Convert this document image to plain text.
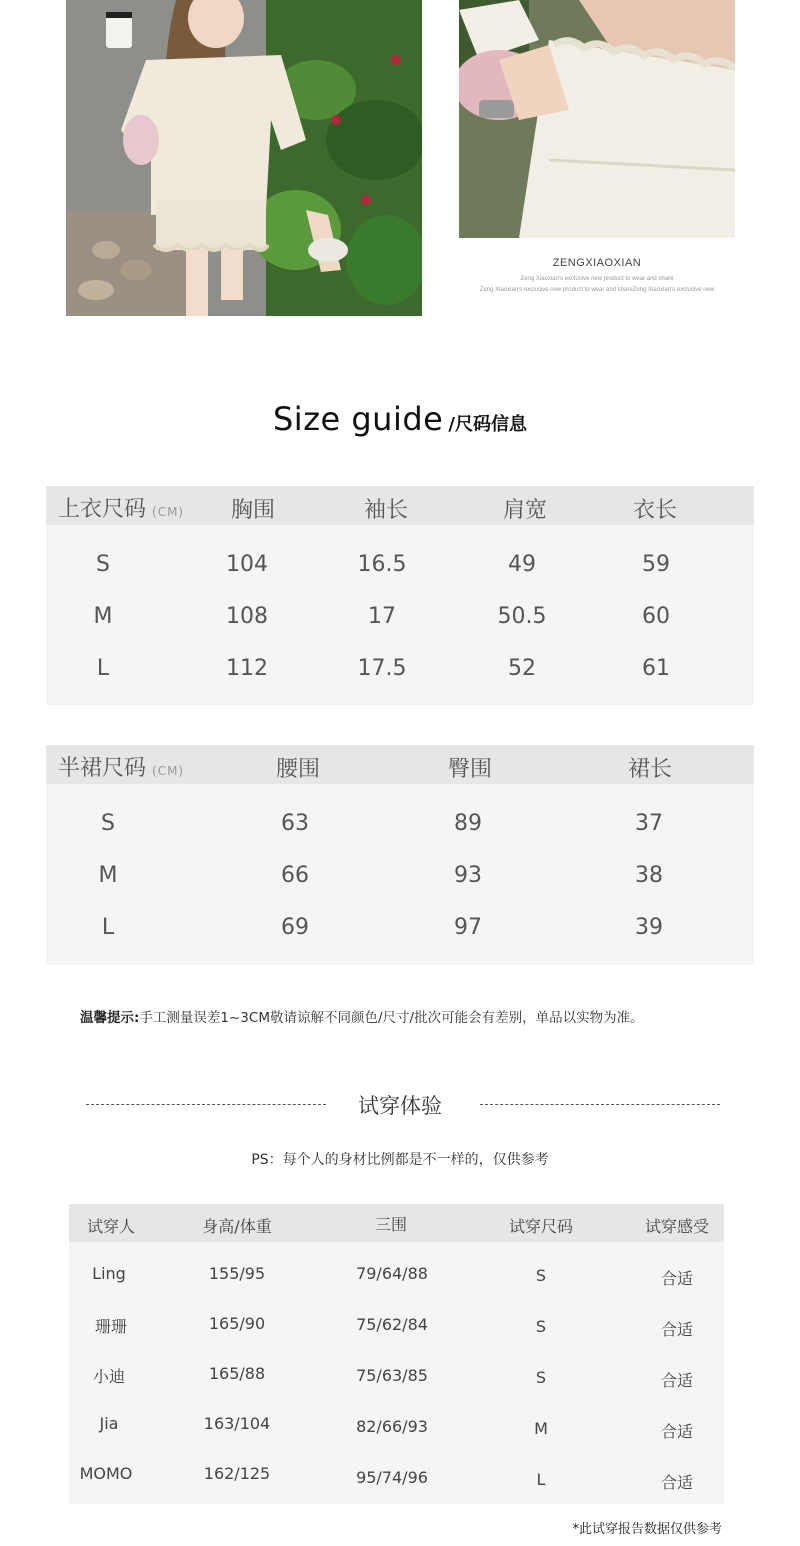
ZENGXIAOXIAN
Zeng Xiaoxian's exclusive new product to wear and share
Zeng Xiaoxian's exclusive new product to wear and shareZeng Xiaoxian's exclusive new
Size guide /尺码信息
上衣尺码 (CM) 胸围	袖长	肩宽	衣长
S	104	16.5	49	59
M	108	17	50.5	60
L	112	17.5	52	61
半裙尺码 (CM)	腰围	臀围	裙长
S	63	89	37
M	66	93	38
L	69	97	39
温馨提示:手工测量误差1~3CM敬请谅解不同颜色/尺寸/批次可能会有差别，单品以实物为准。
试穿体验
PS：每个人的身材比例都是不一样的，仅供参考
试穿人	身高/体重	三围	试穿尺码	试穿感受
Ling	155/95	79/64/88	S	合适
珊珊	165/90	75/62/84	S	合适
小迪	165/88	75/63/85	S	合适
Jia	163/104	82/66/93	M	合适
MOMO	162/125	95/74/96	L	合适
*此试穿报告数据仅供参考
